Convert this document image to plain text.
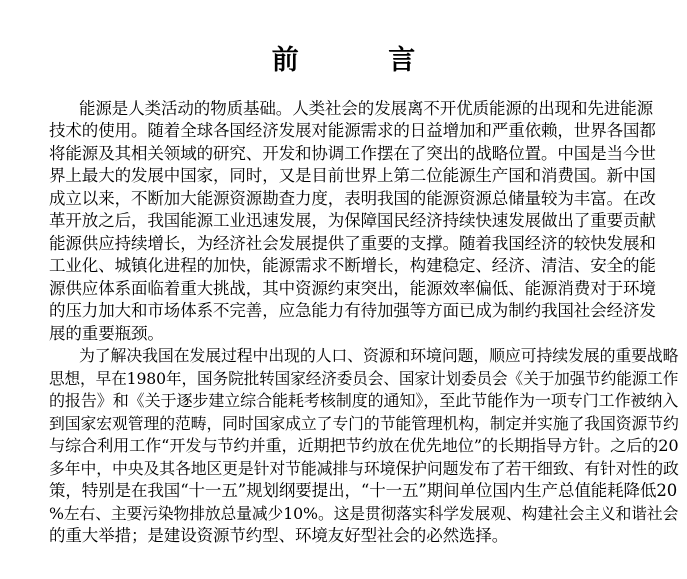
前 言
能源是人类活动的物质基础。人类社会的发展离不开优质能源的出现和先进能源
技术的使用。随着全球各国经济发展对能源需求的日益增加和严重依赖，世界各国都
将能源及其相关领域的研究、开发和协调工作摆在了突出的战略位置。中国是当今世
界上最大的发展中国家，同时，又是目前世界上第二位能源生产国和消费国。新中国
成立以来，不断加大能源资源勘查力度，表明我国的能源资源总储量较为丰富。在改
革开放之后，我国能源工业迅速发展，为保障国民经济持续快速发展做出了重要贡献
能源供应持续增长，为经济社会发展提供了重要的支撑。随着我国经济的较快发展和
工业化、城镇化进程的加快，能源需求不断增长，构建稳定、经济、清洁、安全的能
源供应体系面临着重大挑战，其中资源约束突出，能源效率偏低、能源消费对于环境
的压力加大和市场体系不完善，应急能力有待加强等方面已成为制约我国社会经济发
展的重要瓶颈。
为了解决我国在发展过程中出现的人口、资源和环境问题，顺应可持续发展的重要战略
思想，早在1980年，国务院批转国家经济委员会、国家计划委员会《关于加强节约能源工作
的报告》和《关于逐步建立综合能耗考核制度的通知》，至此节能作为一项专门工作被纳入
到国家宏观管理的范畴，同时国家成立了专门的节能管理机构，制定并实施了我国资源节约
与综合利用工作“开发与节约并重，近期把节约放在优先地位”的长期指导方针。之后的20
多年中，中央及其各地区更是针对节能减排与环境保护问题发布了若干细致、有针对性的政
策，特别是在我国“十一五”规划纲要提出，“十一五”期间单位国内生产总值能耗降低20
%左右、主要污染物排放总量减少10%。这是贯彻落实科学发展观、构建社会主义和谐社会
的重大举措；是建设资源节约型、环境友好型社会的必然选择。
